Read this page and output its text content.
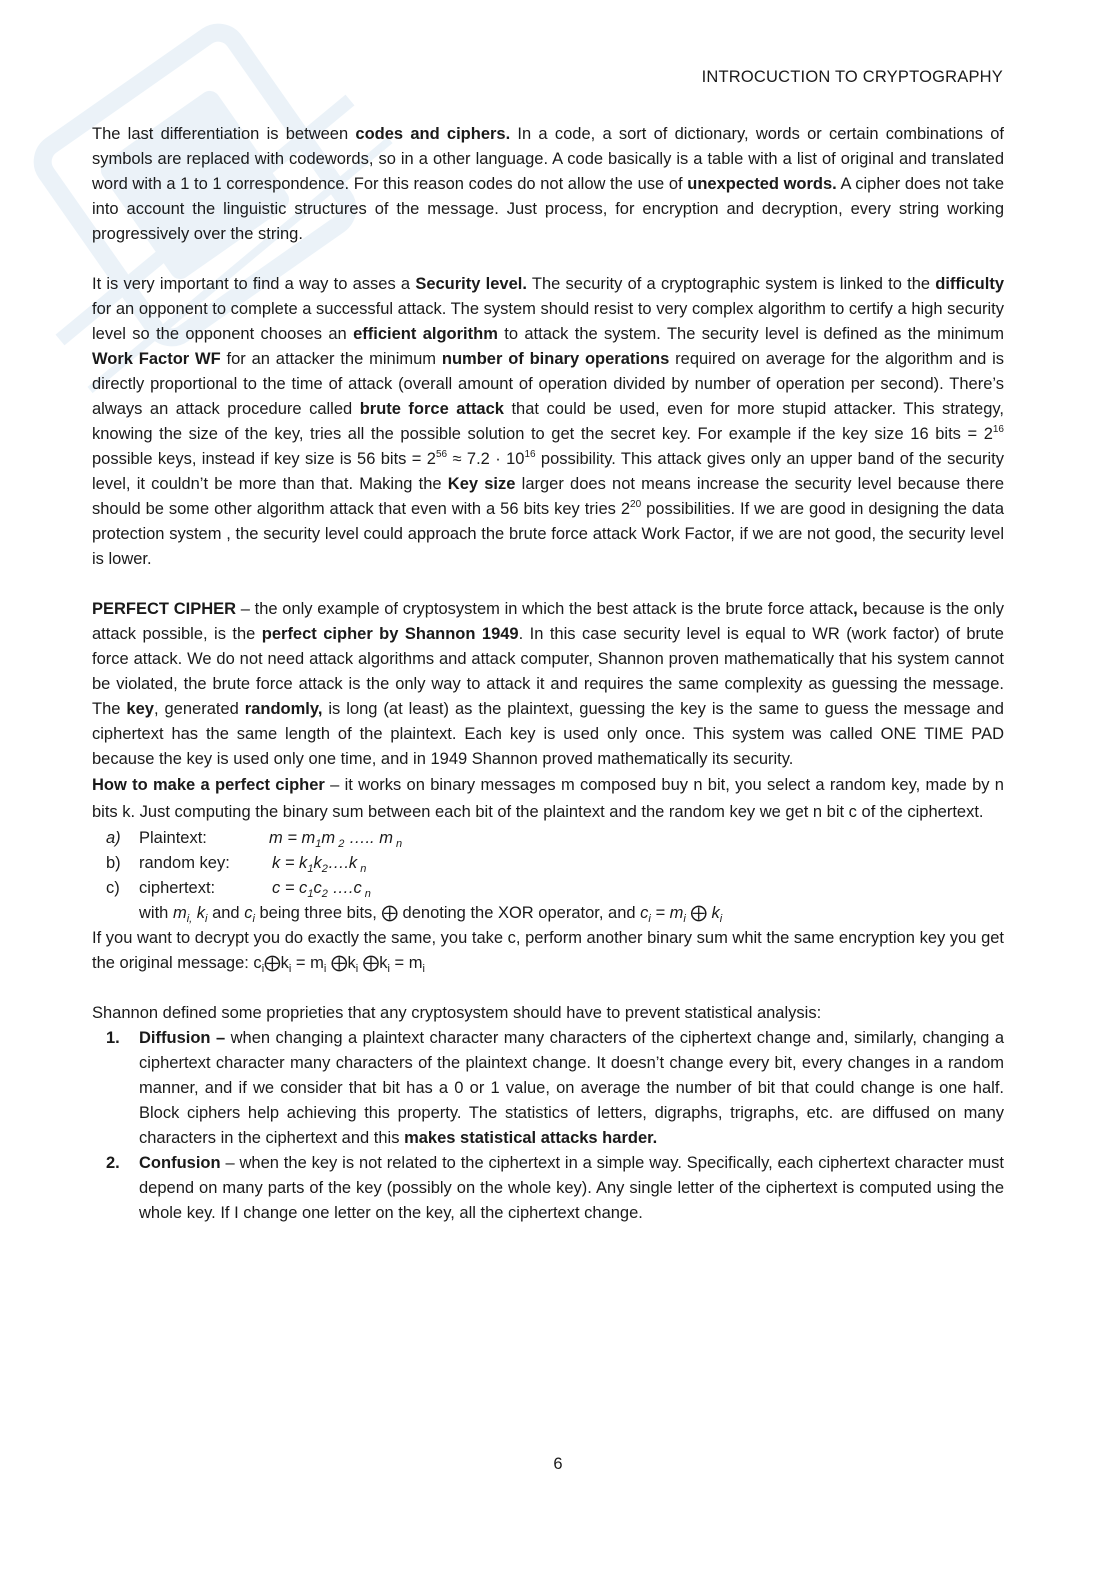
INTROCUCTION TO CRYPTOGRAPHY

The last differentiation is between codes and ciphers. In a code, a sort of dictionary, words or certain combinations of symbols are replaced with codewords, so in a other language. A code basically is a table with a list of original and translated word with a 1 to 1 correspondence. For this reason codes do not allow the use of unexpected words. A cipher does not take into account the linguistic structures of the message. Just process, for encryption and decryption, every string working progressively over the string.

It is very important to find a way to asses a Security level. The security of a cryptographic system is linked to the difficulty for an opponent to complete a successful attack. The system should resist to very complex algorithm to certify a high security level so the opponent chooses an efficient algorithm to attack the system. The security level is defined as the minimum Work Factor WF for an attacker the minimum number of binary operations required on average for the algorithm and is directly proportional to the time of attack (overall amount of operation divided by number of operation per second). There’s always an attack procedure called brute force attack that could be used, even for more stupid attacker. This strategy, knowing the size of the key, tries all the possible solution to get the secret key. For example if the key size 16 bits = $2^{16}$ possible keys, instead if key size is 56 bits = $2^{56} \approx 7.2 \cdot 10^{16}$ possibility. This attack gives only an upper band of the security level, it couldn’t be more than that. Making the Key size larger does not means increase the security level because there should be some other algorithm attack that even with a 56 bits key tries $2^{20}$ possibilities. If we are good in designing the data protection system , the security level could approach the brute force attack Work Factor, if we are not good, the security level is lower.

PERFECT CIPHER – the only example of cryptosystem in which the best attack is the brute force attack, because is the only attack possible, is the perfect cipher by Shannon 1949. In this case security level is equal to WR (work factor) of brute force attack. We do not need attack algorithms and attack computer, Shannon proven mathematically that his system cannot be violated, the brute force attack is the only way to attack it and requires the same complexity as guessing the message. The key, generated randomly, is long (at least) as the plaintext, guessing the key is the same to guess the message and ciphertext has the same length of the plaintext. Each key is used only once. This system was called ONE TIME PAD because the key is used only one time, and in 1949 Shannon proved mathematically its security.

How to make a perfect cipher – it works on binary messages m composed buy n bit, you select a random key, made by n bits k. Just computing the binary sum between each bit of the plaintext and the random key we get n bit c of the ciphertext.

a) Plaintext:	$m = m_1m$ $_2$ ….. m $_n$
b) random key:	$k = k_1k_2\dots.k$ $_n$
c) ciphertext:	$c = c_1c_2$ ….c $_n$
with $m_{i,}$ $k_i$ and $c_i$ being three bits, ⨁ denoting the XOR operator, and $c_i = m_i$ ⨁ $k_i$

If you want to decrypt you do exactly the same, you take c, perform another binary sum whit the same encryption key you get the original message: $c_i⨁k_i = m_i$ $⨁k_i$ $⨁k_i = m_i$

Shannon defined some proprieties that any cryptosystem should have to prevent statistical analysis:

1. Diffusion – when changing a plaintext character many characters of the ciphertext change and, similarly, changing a ciphertext character many characters of the plaintext change. It doesn’t change every bit, every changes in a random manner, and if we consider that bit has a 0 or 1 value, on average the number of bit that could change is one half. Block ciphers help achieving this property. The statistics of letters, digraphs, trigraphs, etc. are diffused on many characters in the ciphertext and this makes statistical attacks harder.
2. Confusion – when the key is not related to the ciphertext in a simple way. Specifically, each ciphertext character must depend on many parts of the key (possibly on the whole key). Any single letter of the ciphertext is computed using the whole key. If I change one letter on the key, all the ciphertext change.
6
